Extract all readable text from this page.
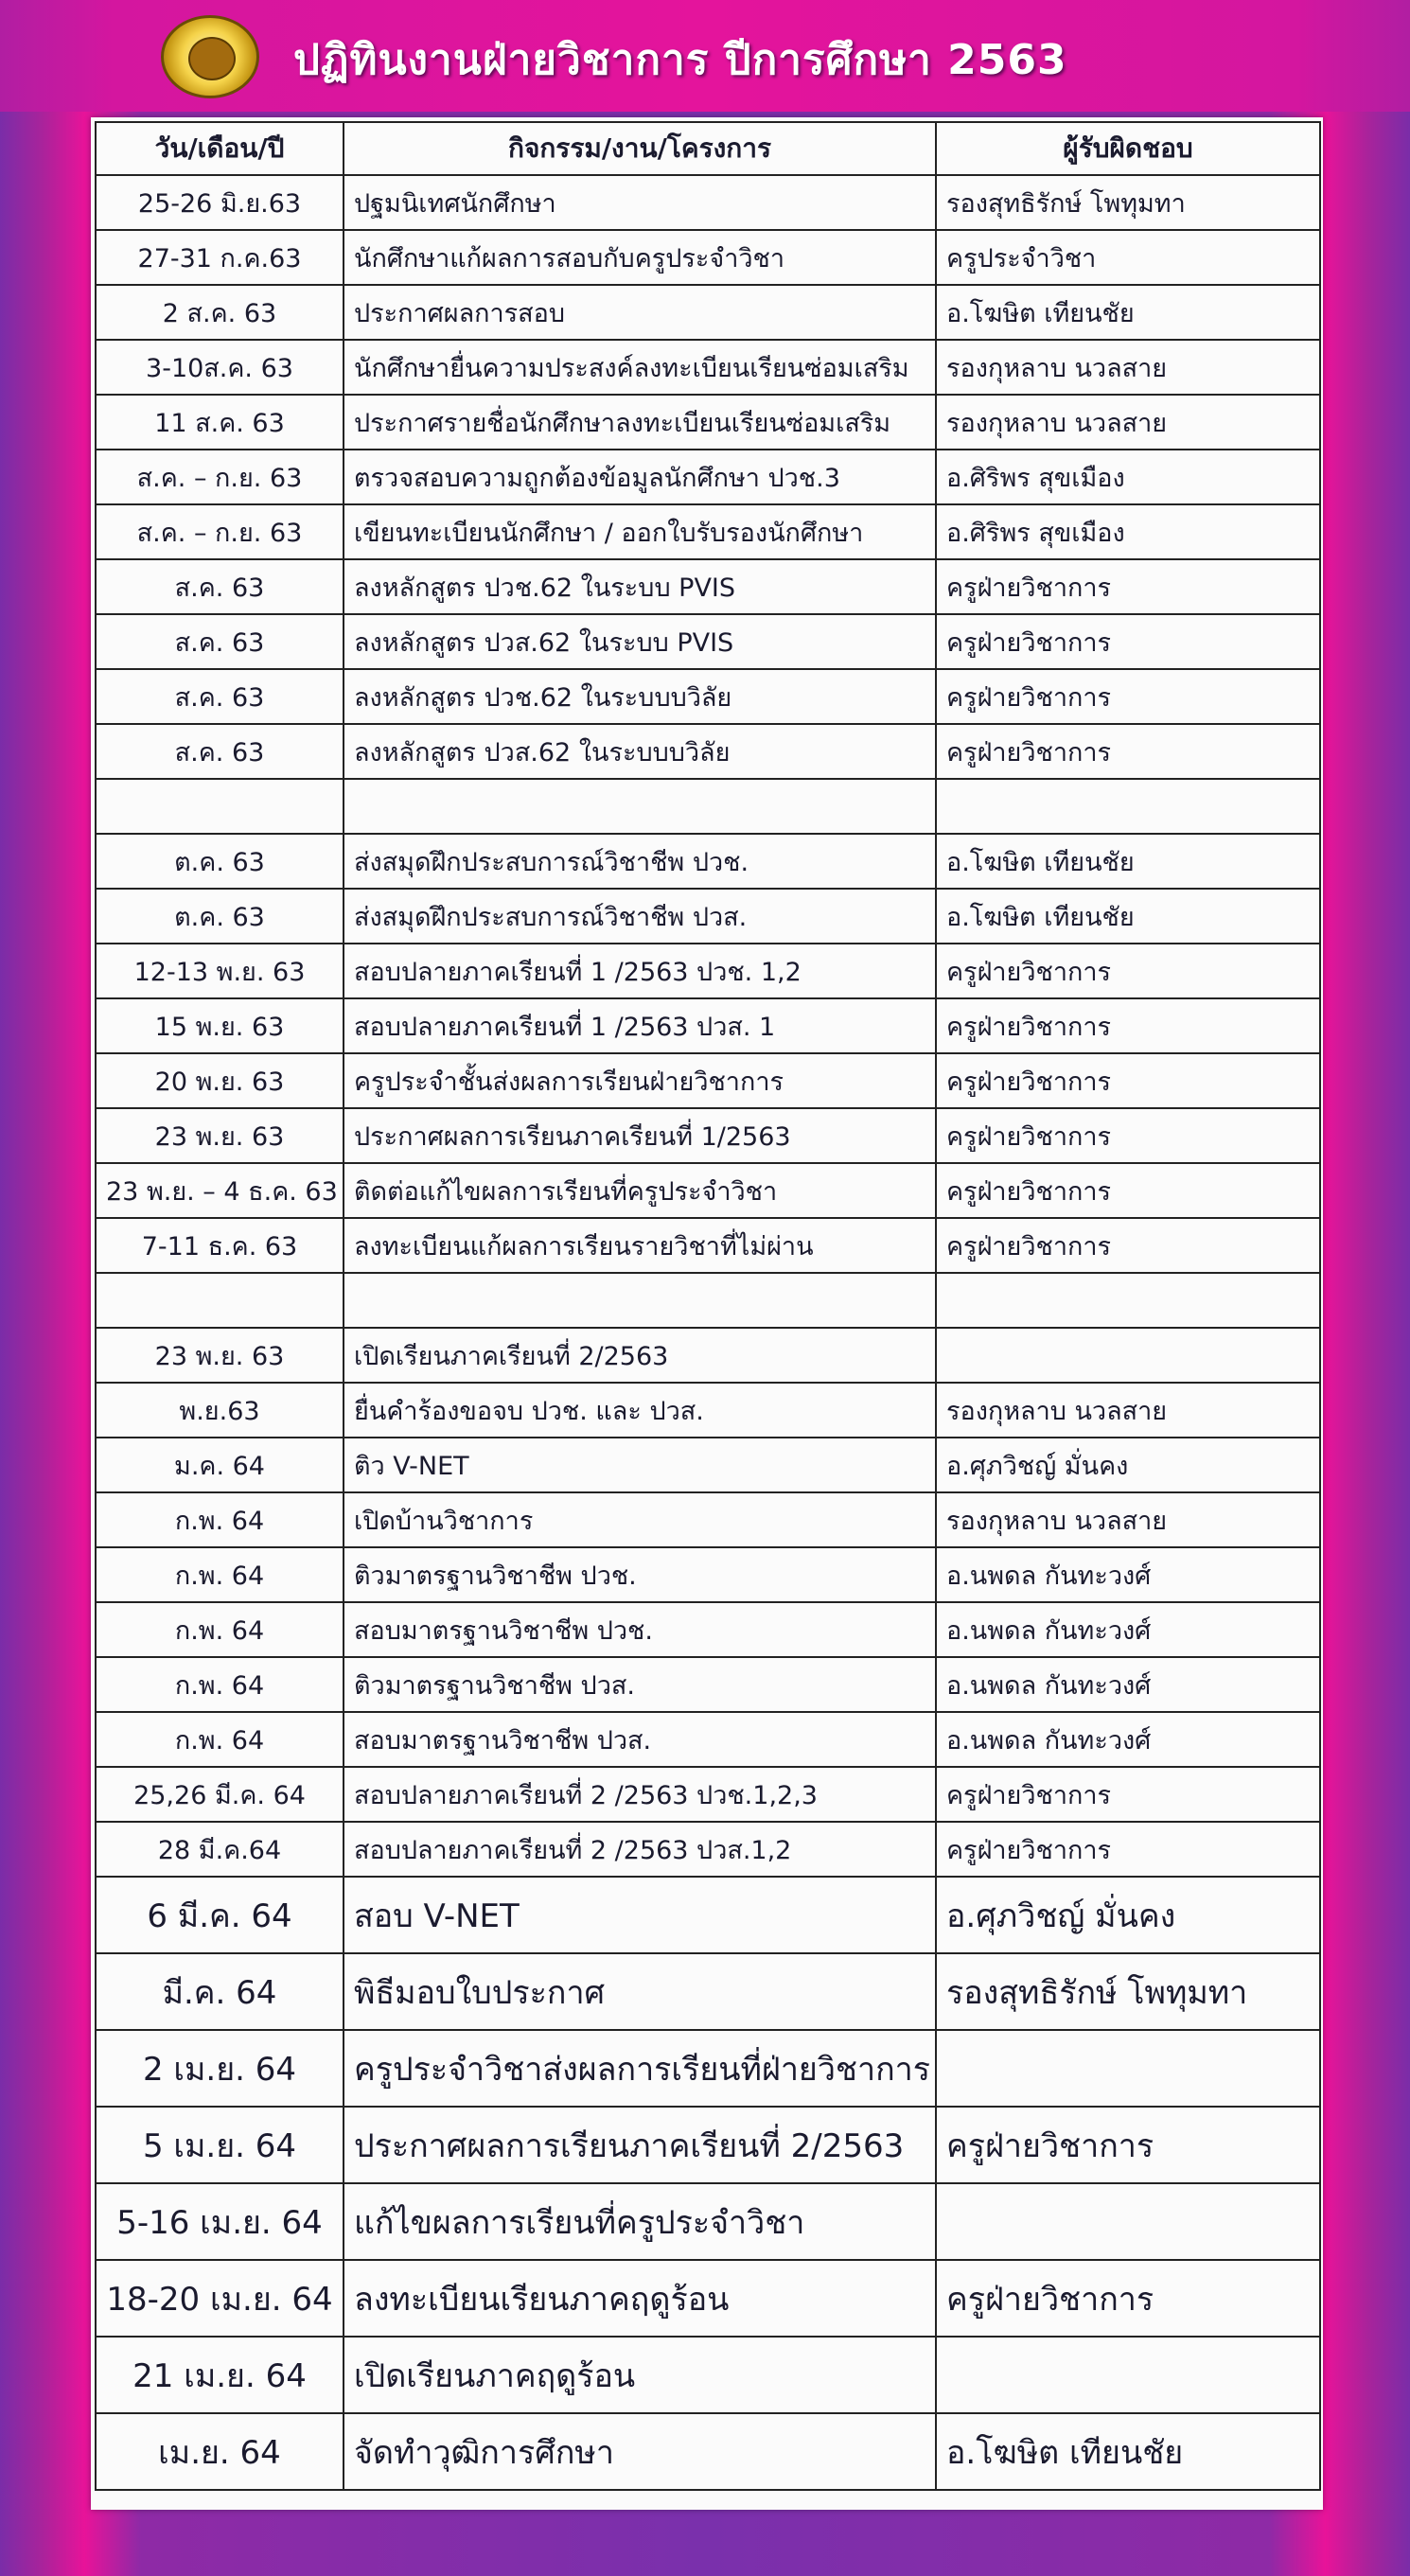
ปฏิทินงานฝ่ายวิชาการ ปีการศึกษา 2563
วัน/เดือน/ปี	กิจกรรม/งาน/โครงการ	ผู้รับผิดชอบ
25-26 มิ.ย.63	ปฐมนิเทศนักศึกษา	รองสุทธิรักษ์ โพทุมทา
27-31 ก.ค.63	นักศึกษาแก้ผลการสอบกับครูประจำวิชา	ครูประจำวิชา
2 ส.ค. 63	ประกาศผลการสอบ	อ.โฆษิต เทียนชัย
3-10ส.ค. 63	นักศึกษายื่นความประสงค์ลงทะเบียนเรียนซ่อมเสริม	รองกุหลาบ นวลสาย
11 ส.ค. 63	ประกาศรายชื่อนักศึกษาลงทะเบียนเรียนซ่อมเสริม	รองกุหลาบ นวลสาย
ส.ค. – ก.ย. 63	ตรวจสอบความถูกต้องข้อมูลนักศึกษา ปวช.3	อ.ศิริพร สุขเมือง
ส.ค. – ก.ย. 63	เขียนทะเบียนนักศึกษา / ออกใบรับรองนักศึกษา	อ.ศิริพร สุขเมือง
ส.ค. 63	ลงหลักสูตร ปวช.62 ในระบบ PVIS	ครูฝ่ายวิชาการ
ส.ค. 63	ลงหลักสูตร ปวส.62 ในระบบ PVIS	ครูฝ่ายวิชาการ
ส.ค. 63	ลงหลักสูตร ปวช.62 ในระบบบวิลัย	ครูฝ่ายวิชาการ
ส.ค. 63	ลงหลักสูตร ปวส.62 ในระบบบวิลัย	ครูฝ่ายวิชาการ

ต.ค. 63	ส่งสมุดฝึกประสบการณ์วิชาชีพ ปวช.	อ.โฆษิต เทียนชัย
ต.ค. 63	ส่งสมุดฝึกประสบการณ์วิชาชีพ ปวส.	อ.โฆษิต เทียนชัย
12-13 พ.ย. 63	สอบปลายภาคเรียนที่ 1 /2563 ปวช. 1,2	ครูฝ่ายวิชาการ
15 พ.ย. 63	สอบปลายภาคเรียนที่ 1 /2563 ปวส. 1	ครูฝ่ายวิชาการ
20 พ.ย. 63	ครูประจำชั้นส่งผลการเรียนฝ่ายวิชาการ	ครูฝ่ายวิชาการ
23 พ.ย. 63	ประกาศผลการเรียนภาคเรียนที่ 1/2563	ครูฝ่ายวิชาการ
23 พ.ย. – 4 ธ.ค. 63	ติดต่อแก้ไขผลการเรียนที่ครูประจำวิชา	ครูฝ่ายวิชาการ
7-11 ธ.ค. 63	ลงทะเบียนแก้ผลการเรียนรายวิชาที่ไม่ผ่าน	ครูฝ่ายวิชาการ

23 พ.ย. 63	เปิดเรียนภาคเรียนที่ 2/2563	
พ.ย.63	ยื่นคำร้องขอจบ ปวช. และ ปวส.	รองกุหลาบ นวลสาย
ม.ค. 64	ติว V-NET	อ.ศุภวิชญ์ มั่นคง
ก.พ. 64	เปิดบ้านวิชาการ	รองกุหลาบ นวลสาย
ก.พ. 64	ติวมาตรฐานวิชาชีพ ปวช.	อ.นพดล กันทะวงศ์
ก.พ. 64	สอบมาตรฐานวิชาชีพ ปวช.	อ.นพดล กันทะวงศ์
ก.พ. 64	ติวมาตรฐานวิชาชีพ ปวส.	อ.นพดล กันทะวงศ์
ก.พ. 64	สอบมาตรฐานวิชาชีพ ปวส.	อ.นพดล กันทะวงศ์
25,26 มี.ค. 64	สอบปลายภาคเรียนที่ 2 /2563 ปวช.1,2,3	ครูฝ่ายวิชาการ
28 มี.ค.64	สอบปลายภาคเรียนที่ 2 /2563 ปวส.1,2	ครูฝ่ายวิชาการ
6 มี.ค. 64	สอบ V-NET	อ.ศุภวิชญ์ มั่นคง
มี.ค. 64	พิธีมอบใบประกาศ	รองสุทธิรักษ์ โพทุมทา
2 เม.ย. 64	ครูประจำวิชาส่งผลการเรียนที่ฝ่ายวิชาการ	
5 เม.ย. 64	ประกาศผลการเรียนภาคเรียนที่ 2/2563	ครูฝ่ายวิชาการ
5-16 เม.ย. 64	แก้ไขผลการเรียนที่ครูประจำวิชา	
18-20 เม.ย. 64	ลงทะเบียนเรียนภาคฤดูร้อน	ครูฝ่ายวิชาการ
21 เม.ย. 64	เปิดเรียนภาคฤดูร้อน	
เม.ย. 64	จัดทำวุฒิการศึกษา	อ.โฆษิต เทียนชัย
